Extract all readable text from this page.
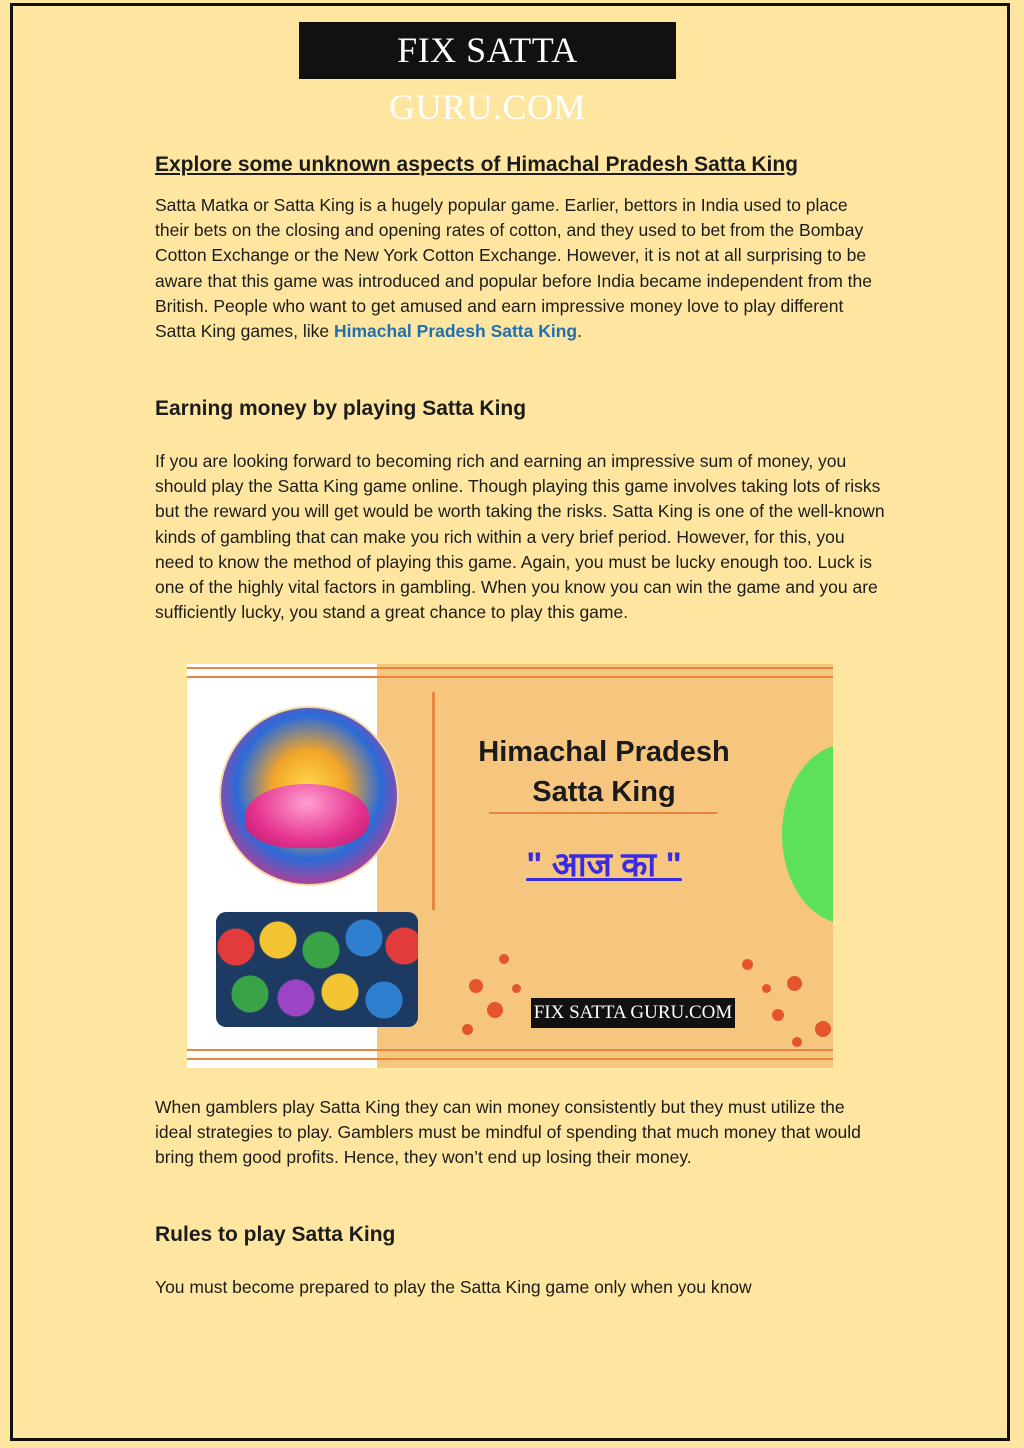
FIX SATTA GURU.COM
Explore some unknown aspects of Himachal Pradesh Satta King

Satta Matka or Satta King is a hugely popular game. Earlier, bettors in India used to place their bets on the closing and opening rates of cotton, and they used to bet from the Bombay Cotton Exchange or the New York Cotton Exchange. However, it is not at all surprising to be aware that this game was introduced and popular before India became independent from the British. People who want to get amused and earn impressive money love to play different Satta King games, like Himachal Pradesh Satta King.

Earning money by playing Satta King

If you are looking forward to becoming rich and earning an impressive sum of money, you should play the Satta King game online. Though playing this game involves taking lots of risks but the reward you will get would be worth taking the risks. Satta King is one of the well-known kinds of gambling that can make you rich within a very brief period. However, for this, you need to know the method of playing this game. Again, you must be lucky enough too. Luck is one of the highly vital factors in gambling. When you know you can win the game and you are sufficiently lucky, you stand a great chance to play this game.

Himachal Pradesh
Satta King
" आज का "
FIX SATTA GURU.COM

When gamblers play Satta King they can win money consistently but they must utilize the ideal strategies to play. Gamblers must be mindful of spending that much money that would bring them good profits. Hence, they won’t end up losing their money.

Rules to play Satta King

You must become prepared to play the Satta King game only when you know
